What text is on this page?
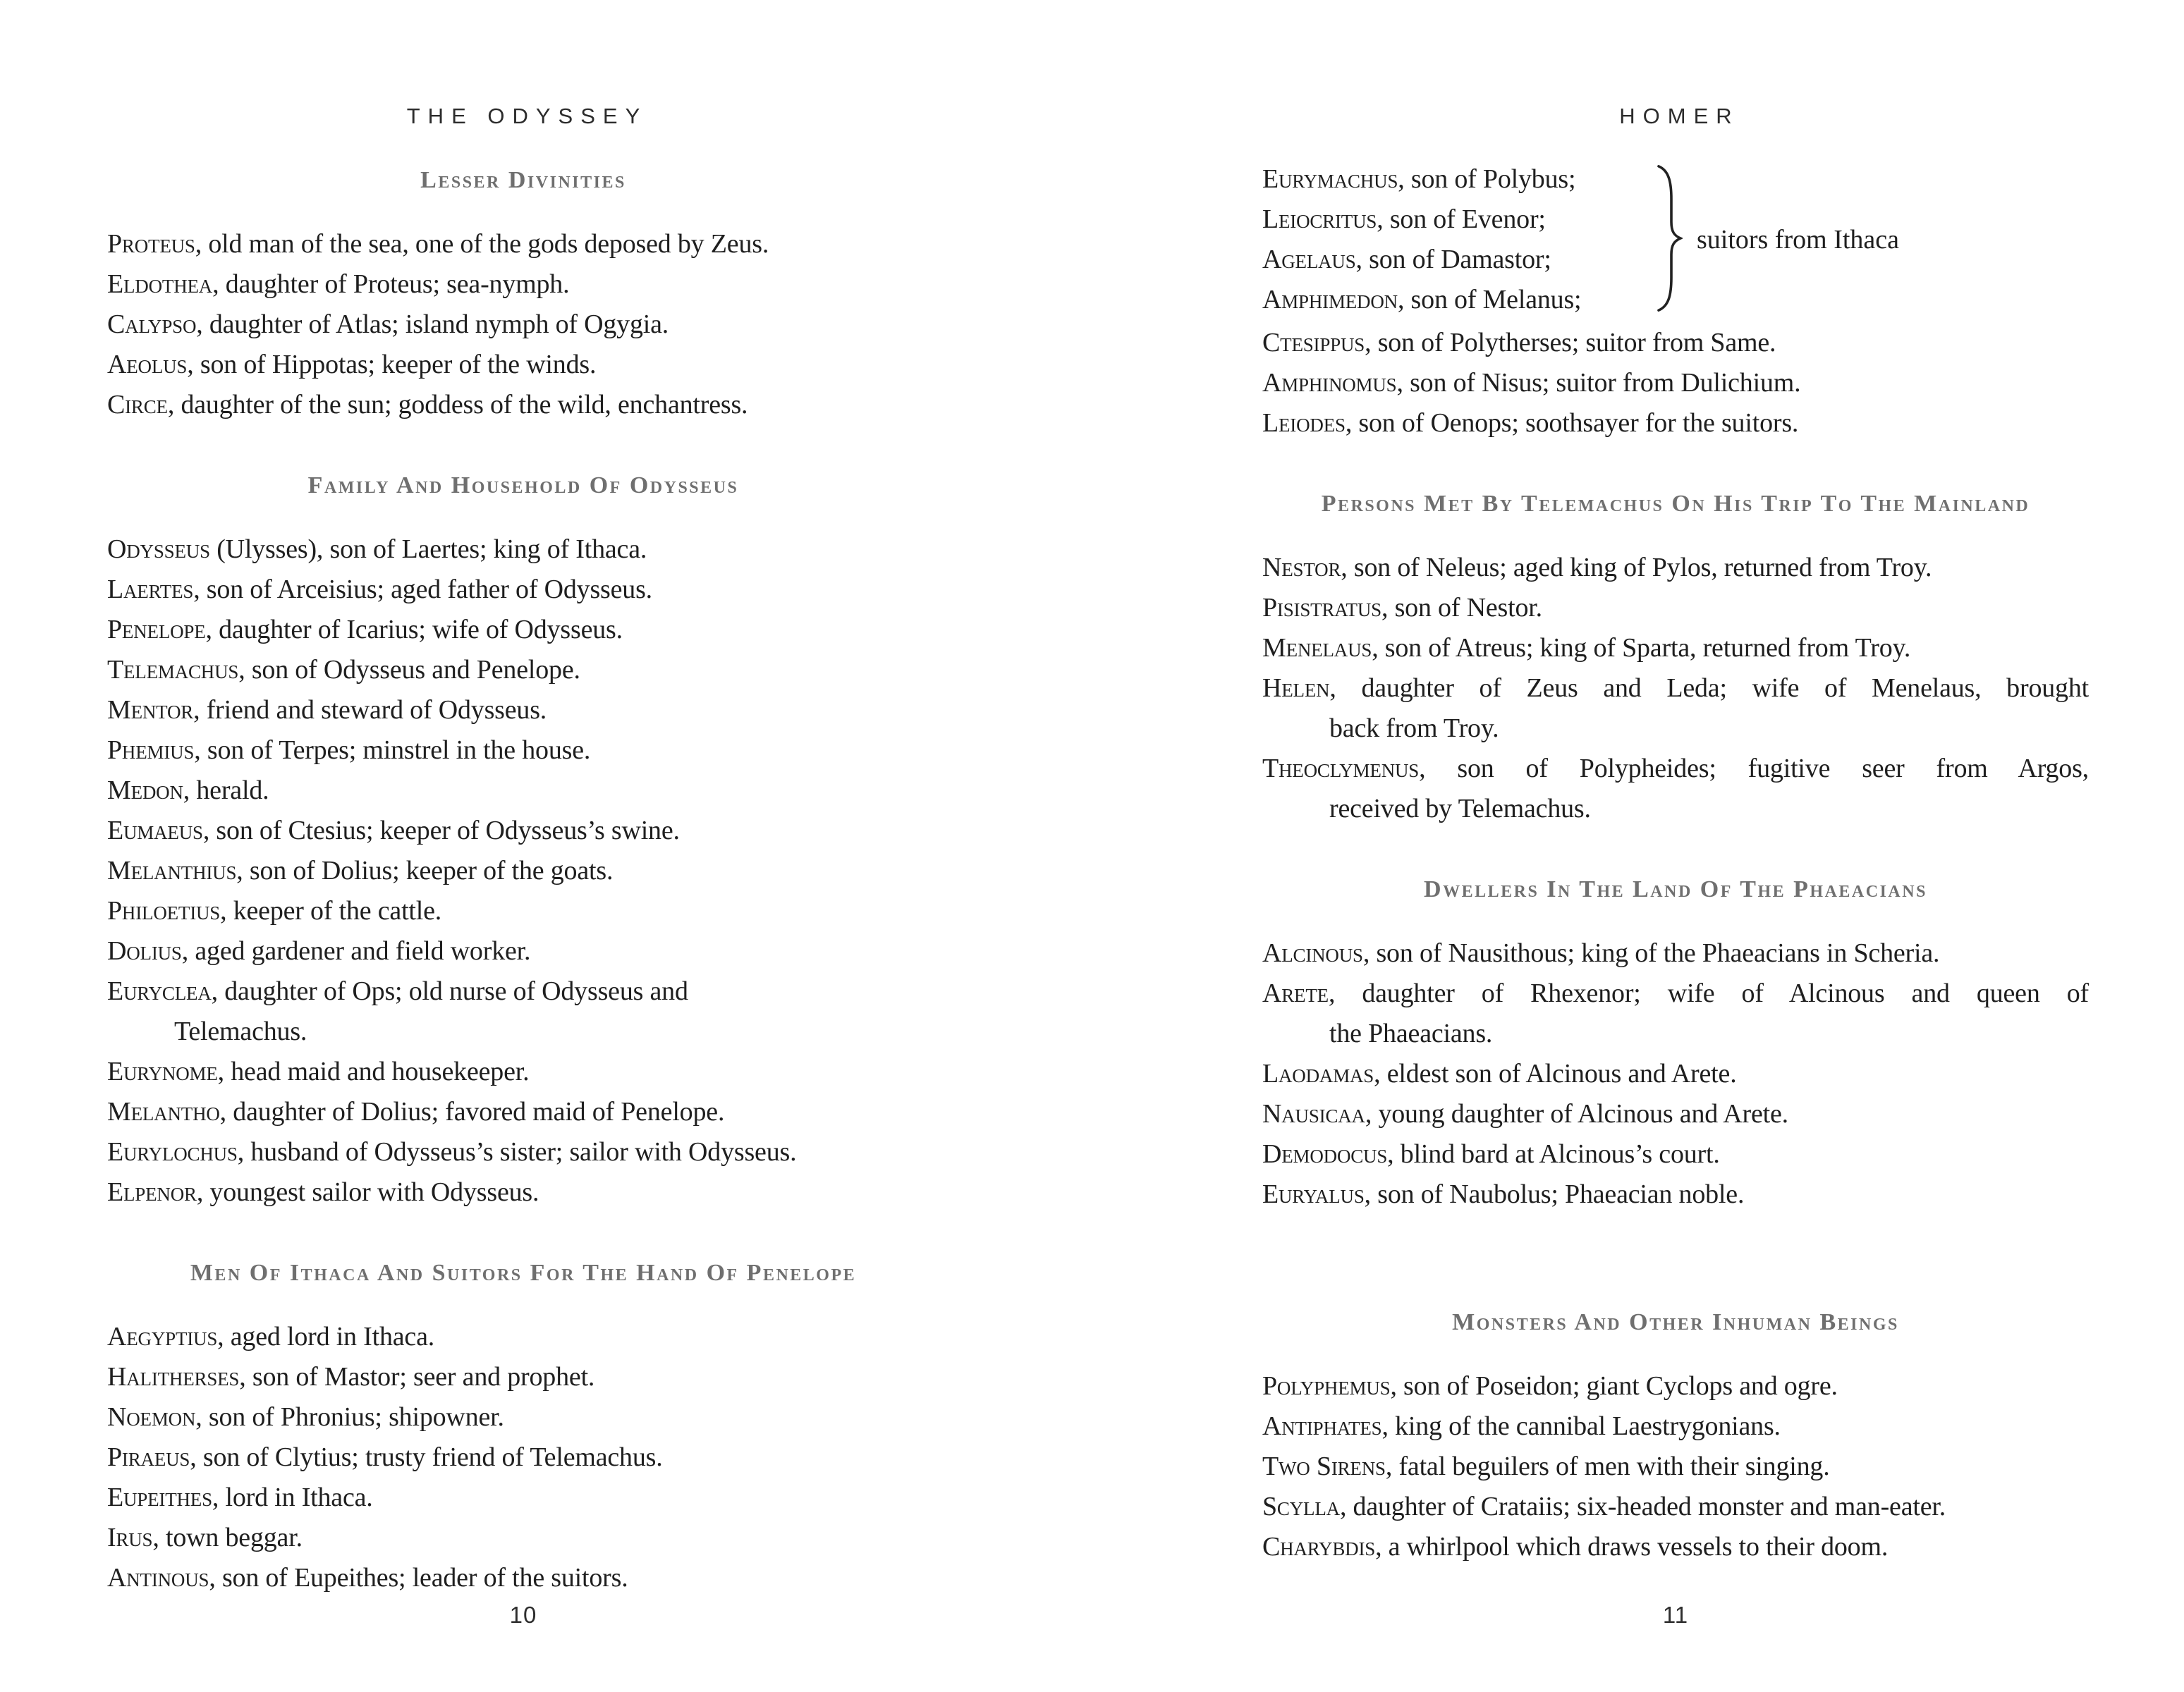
THE ODYSSEY
Lesser Divinities

Proteus, old man of the sea, one of the gods deposed by Zeus.

Eldothea, daughter of Proteus; sea-nymph.

Calypso, daughter of Atlas; island nymph of Ogygia.

Aeolus, son of Hippotas; keeper of the winds.

Circe, daughter of the sun; goddess of the wild, enchantress.

Family And Household Of Odysseus

Odysseus (Ulysses), son of Laertes; king of Ithaca.

Laertes, son of Arceisius; aged father of Odysseus.

Penelope, daughter of Icarius; wife of Odysseus.

Telemachus, son of Odysseus and Penelope.

Mentor, friend and steward of Odysseus.

Phemius, son of Terpes; minstrel in the house.

Medon, herald.

Eumaeus, son of Ctesius; keeper of Odysseus’s swine.

Melanthius, son of Dolius; keeper of the goats.

Philoetius, keeper of the cattle.

Dolius, aged gardener and field worker.

Euryclea, daughter of Ops; old nurse of Odysseus and
Telemachus.

Eurynome, head maid and housekeeper.

Melantho, daughter of Dolius; favored maid of Penelope.

Eurylochus, husband of Odysseus’s sister; sailor with Odysseus.

Elpenor, youngest sailor with Odysseus.

Men Of Ithaca And Suitors For The Hand Of Penelope

Aegyptius, aged lord in Ithaca.

Halitherses, son of Mastor; seer and prophet.

Noemon, son of Phronius; shipowner.

Piraeus, son of Clytius; trusty friend of Telemachus.

Eupeithes, lord in Ithaca.

Irus, town beggar.

Antinous, son of Eupeithes; leader of the suitors.

10
HOMER

Eurymachus, son of Polybus;

Leiocritus, son of Evenor;

Agelaus, son of Damastor;

Amphimedon, son of Melanus;

suitors from Ithaca

Ctesippus, son of Polytherses; suitor from Same.

Amphinomus, son of Nisus; suitor from Dulichium.

Leiodes, son of Oenops; soothsayer for the suitors.

Persons Met By Telemachus On His Trip To The Mainland

Nestor, son of Neleus; aged king of Pylos, returned from Troy.

Pisistratus, son of Nestor.

Menelaus, son of Atreus; king of Sparta, returned from Troy.

Helen, daughter of Zeus and Leda; wife of Menelaus, brought
back from Troy.

Theoclymenus, son of Polypheides; fugitive seer from Argos,
received by Telemachus.

Dwellers In The Land Of The Phaeacians

Alcinous, son of Nausithous; king of the Phaeacians in Scheria.

Arete, daughter of Rhexenor; wife of Alcinous and queen of
the Phaeacians.

Laodamas, eldest son of Alcinous and Arete.

Nausicaa, young daughter of Alcinous and Arete.

Demodocus, blind bard at Alcinous’s court.

Euryalus, son of Naubolus; Phaeacian noble.

Monsters And Other Inhuman Beings

Polyphemus, son of Poseidon; giant Cyclops and ogre.

Antiphates, king of the cannibal Laestrygonians.

Two Sirens, fatal beguilers of men with their singing.

Scylla, daughter of Crataiis; six-headed monster and man-eater.

Charybdis, a whirlpool which draws vessels to their doom.

11
